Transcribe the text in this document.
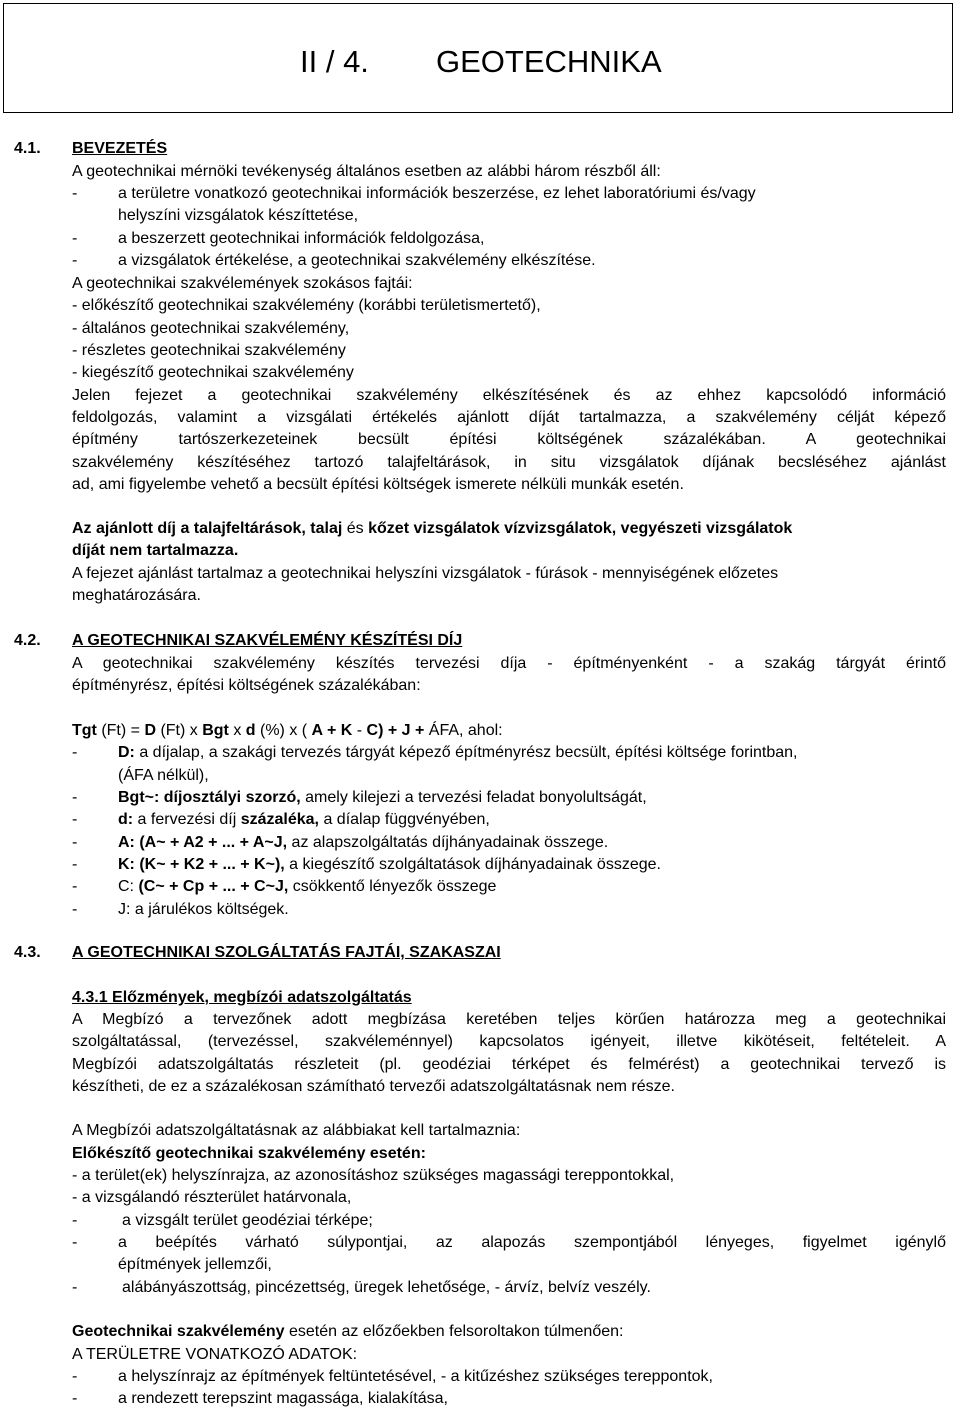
II / 4. GEOTECHNIKA
4.1. BEVEZETÉS
A geotechnikai mérnöki tevékenység általános esetben az alábbi három részből áll:
-	a területre vonatkozó geotechnikai információk beszerzése, ez lehet laboratóriumi és/vagy
helyszíni vizsgálatok készíttetése,
-	a beszerzett geotechnikai információk feldolgozása,
-	a vizsgálatok értékelése, a geotechnikai szakvélemény elkészítése.
A geotechnikai szakvélemények szokásos fajtái:
- előkészítő geotechnikai szakvélemény (korábbi területismertető),
- általános geotechnikai szakvélemény,
- részletes geotechnikai szakvélemény
- kiegészítő geotechnikai szakvélemény
Jelen fejezet a geotechnikai szakvélemény elkészítésének és az ehhez kapcsolódó információ
feldolgozás, valamint a vizsgálati értékelés ajánlott díját tartalmazza, a szakvélemény célját képező
építmény tartószerkezeteinek becsült építési költségének százalékában. A geotechnikai
szakvélemény készítéséhez tartozó talajfeltárások, in situ vizsgálatok díjának becsléséhez ajánlást
ad, ami figyelembe vehető a becsült építési költségek ismerete nélküli munkák esetén.
Az ajánlott díj a talajfeltárások, talaj és kőzet vizsgálatok vízvizsgálatok, vegyészeti vizsgálatok
díját nem tartalmazza.
A fejezet ajánlást tartalmaz a geotechnikai helyszíni vizsgálatok - fúrások - mennyiségének előzetes
meghatározására.
4.2. A GEOTECHNIKAI SZAKVÉLEMÉNY KÉSZÍTÉSI DÍJ
A geotechnikai szakvélemény készítés tervezési díja - építményenként - a szakág tárgyát érintő
építményrész, építési költségének százalékában:
Tgt (Ft) = D (Ft) x Bgt x d (%) x ( A + K - C) + J + ÁFA, ahol:
-	D: a díjalap, a szakági tervezés tárgyát képező építményrész becsült, építési költsége forintban,
(ÁFA nélkül),
-	Bgt~: díjosztályi szorzó, amely kilejezi a tervezési feladat bonyolultságát,
-	d: a fervezési díj százaléka, a díalap függvényében,
-	A: (A~ + A2 + ... + A~J, az alapszolgáltatás díjhányadainak összege.
-	K: (K~ + K2 + ... + K~), a kiegészítő szolgáltatások díjhányadainak összege.
-	C: (C~ + Cp + ... + C~J, csökkentő lényezők összege
-	J: a járulékos költségek.
4.3. A GEOTECHNIKAI SZOLGÁLTATÁS FAJTÁI, SZAKASZAI
4.3.1 Előzmények, megbízói adatszolgáltatás
A Megbízó a tervezőnek adott megbízása keretében teljes körűen határozza meg a geotechnikai
szolgáltatással, (tervezéssel, szakvéleménnyel) kapcsolatos igényeit, illetve kikötéseit, feltételeit. A
Megbízói adatszolgáltatás részleteit (pl. geodéziai térképet és felmérést) a geotechnikai tervező is
készítheti, de ez a százalékosan számítható tervezői adatszolgáltatásnak nem része.
A Megbízói adatszolgáltatásnak az alábbiakat kell tartalmaznia:
Előkészítő geotechnikai szakvélemény esetén:
- a terület(ek) helyszínrajza, az azonosításhoz szükséges magassági tereppontokkal,
- a vizsgálandó részterület határvonala,
-	a vizsgált terület geodéziai térképe;
-	a beépítés várható súlypontjai, az alapozás szempontjából lényeges, figyelmet igénylő
építmények jellemzői,
-	alábányászottság, pincézettség, üregek lehetősége, - árvíz, belvíz veszély.
Geotechnikai szakvélemény esetén az előzőekben felsoroltakon túlmenően:
A TERÜLETRE VONATKOZÓ ADATOK:
-	a helyszínrajz az építmények feltüntetésével, - a kitűzéshez szükséges tereppontok,
-	a rendezett terepszint magassága, kialakítása,
